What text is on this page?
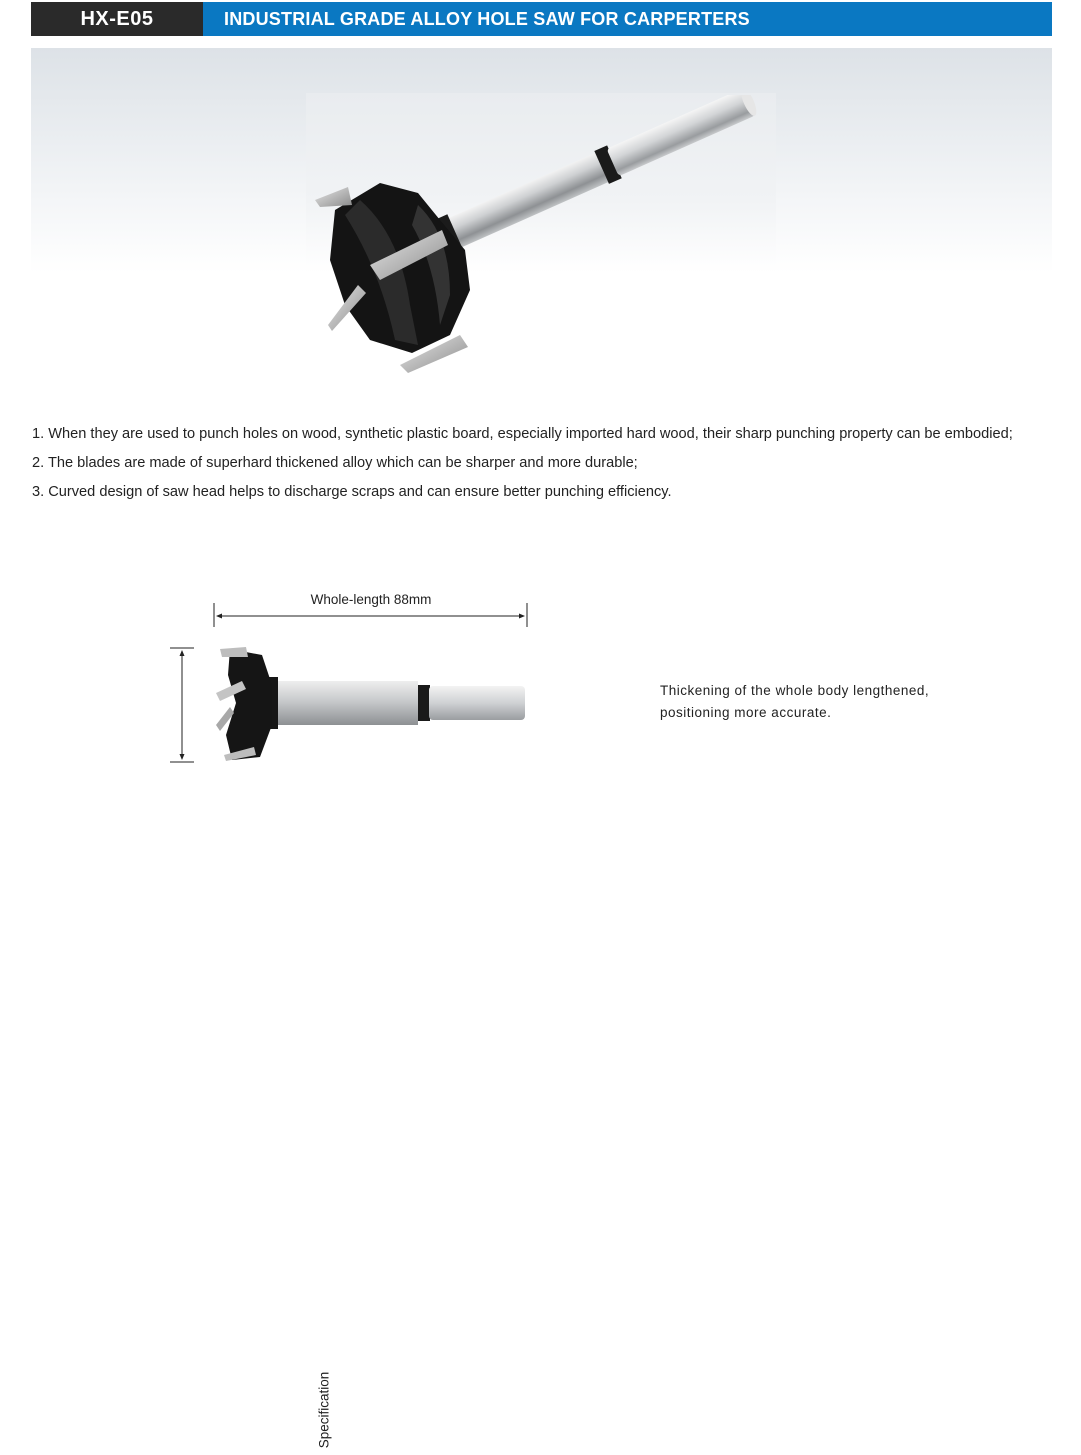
HX-E05	INDUSTRIAL GRADE ALLOY HOLE SAW FOR CARPERTERS
1. When they are used to punch holes on wood, synthetic plastic board, especially imported hard wood, their sharp punching property can be embodied;
2. The blades are made of superhard thickened alloy which can be sharper and more durable;
3. Curved design of saw head helps to discharge scraps and can ensure better punching efficiency.
Whole-length 88mm
Specification
Thickening of the whole body lengthened,
positioning more accurate.
